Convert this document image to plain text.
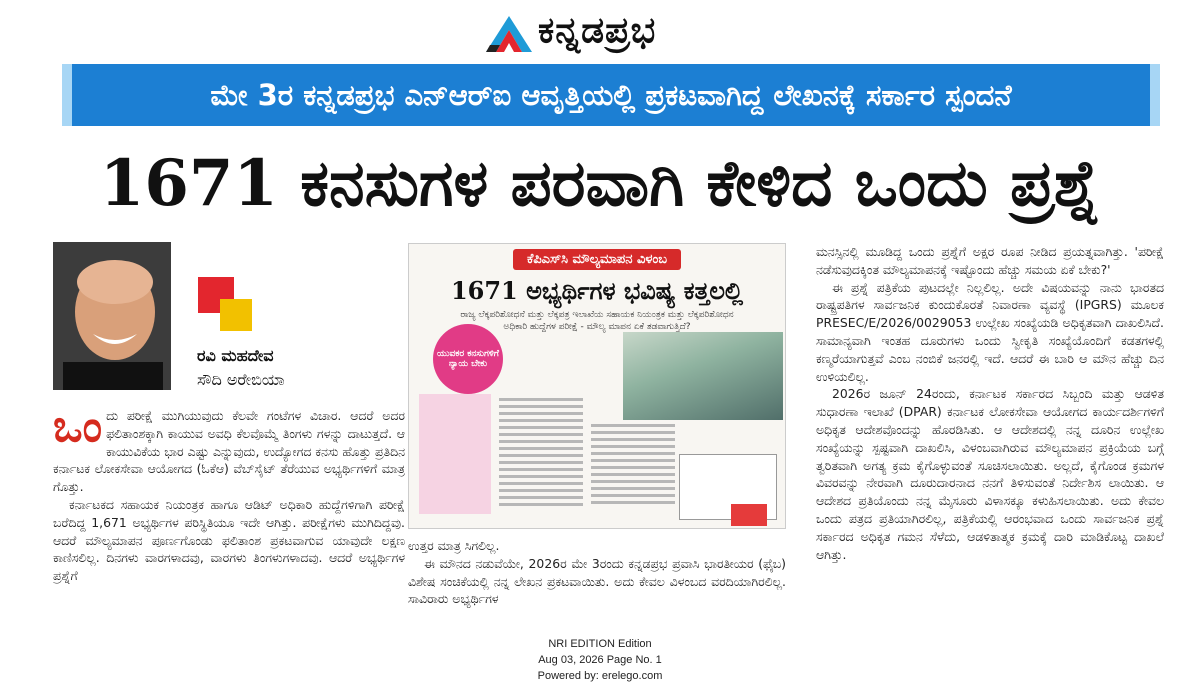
ಕನ್ನಡಪ್ರಭ
ಮೇ 3ರ ಕನ್ನಡಪ್ರಭ ಎನ್‌ಆರ್‌ಐ ಆವೃತ್ತಿಯಲ್ಲಿ ಪ್ರಕಟವಾಗಿದ್ದ ಲೇಖನಕ್ಕೆ ಸರ್ಕಾರ ಸ್ಪಂದನೆ
1671 ಕನಸುಗಳ ಪರವಾಗಿ ಕೇಳಿದ ಒಂದು ಪ್ರಶ್ನೆ
ರವಿ ಮಹದೇವ
ಸೌದಿ ಅರೇಬಿಯಾ
ಒಂ ದು ಪರೀಕ್ಷೆ ಮುಗಿಯುವುದು ಕೆಲವೇ ಗಂಟೆಗಳ ವಿಚಾರ. ಆದರೆ ಅದರ ಫಲಿತಾಂಶಕ್ಕಾಗಿ ಕಾಯುವ ಅವಧಿ ಕೆಲವೊಮ್ಮೆ ತಿಂಗಳು ಗಳನ್ನು ದಾಟುತ್ತದೆ. ಆ ಕಾಯುವಿಕೆಯ ಭಾರ ಎಷ್ಟು ಎನ್ನುವುದು, ಉದ್ಯೋಗದ ಕನಸು ಹೊತ್ತು ಪ್ರತಿದಿನ ಕರ್ನಾಟಕ ಲೋಕಸೇವಾ ಆಯೋಗದ (ಓಕೆಆ) ವೆಬ್‌ಸೈಟ್ ತೆರೆಯುವ ಅಭ್ಯರ್ಥಿಗಳಿಗೆ ಮಾತ್ರ ಗೊತ್ತು.

ಕರ್ನಾಟಕದ ಸಹಾಯಕ ನಿಯಂತ್ರಕ ಹಾಗೂ ಆಡಿಟ್ ಅಧಿಕಾರಿ ಹುದ್ದೆಗಳಿಗಾಗಿ ಪರೀಕ್ಷೆ ಬರೆದಿದ್ದ 1,671 ಅಭ್ಯರ್ಥಿಗಳ ಪರಿಸ್ಥಿತಿಯೂ ಇದೇ ಆಗಿತ್ತು. ಪರೀಕ್ಷೆಗಳು ಮುಗಿದಿದ್ದವು. ಆದರೆ ಮೌಲ್ಯಮಾಪನ ಪೂರ್ಣಗೊಂಡು ಫಲಿತಾಂಶ ಪ್ರಕಟವಾಗುವ ಯಾವುದೇ ಲಕ್ಷಣ ಕಾಣಿಸಲಿಲ್ಲ. ದಿನಗಳು ವಾರಗಳಾದವು, ವಾರಗಳು ತಿಂಗಳುಗಳಾದವು. ಆದರೆ ಅಭ್ಯರ್ಥಿಗಳ ಪ್ರಶ್ನೆಗೆ

ಕೆಪಿಎಸ್‌ಸಿ ಮೌಲ್ಯಮಾಪನ ವಿಳಂಬ
1671 ಅಭ್ಯರ್ಥಿಗಳ ಭವಿಷ್ಯ ಕತ್ತಲಲ್ಲಿ
ರಾಜ್ಯ ಲೆಕ್ಕಪರಿಶೋಧನೆ ಮತ್ತು ಲೆಕ್ಕಪತ್ರ ಇಲಾಖೆಯ ಸಹಾಯಕ ನಿಯಂತ್ರಕ ಮತ್ತು ಲೆಕ್ಕಪರಿಶೋಧನ ಅಧಿಕಾರಿ ಹುದ್ದೆಗಳ ಪರೀಕ್ಷೆ - ಮೌಲ್ಯ ಮಾಪನ ಏಕೆ ತಡವಾಗುತ್ತಿದೆ?
ಯುವಕರ ಕನಸುಗಳಿಗೆ ನ್ಯಾಯ ಬೇಕು

ಉತ್ತರ ಮಾತ್ರ ಸಿಗಲಿಲ್ಲ.

ಈ ಮೌನದ ನಡುವೆಯೇ, 2026ರ ಮೇ 3ರಂದು ಕನ್ನಡಪ್ರಭ ಪ್ರವಾಸಿ ಭಾರತೀಯರ (ಫೈಬ) ವಿಶೇಷ ಸಂಚಿಕೆಯಲ್ಲಿ ನನ್ನ ಲೇಖನ ಪ್ರಕಟವಾಯಿತು. ಅದು ಕೇವಲ ವಿಳಂಬದ ವರದಿಯಾಗಿರಲಿಲ್ಲ. ಸಾವಿರಾರು ಅಭ್ಯರ್ಥಿಗಳ

ಮನಸ್ಸಿನಲ್ಲಿ ಮೂಡಿದ್ದ ಒಂದು ಪ್ರಶ್ನೆಗೆ ಅಕ್ಷರ ರೂಪ ನೀಡಿದ ಪ್ರಯತ್ನವಾಗಿತ್ತು. 'ಪರೀಕ್ಷೆ ನಡೆಸುವುದಕ್ಕಿಂತ ಮೌಲ್ಯಮಾಪನಕ್ಕೆ ಇಷ್ಟೊಂದು ಹೆಚ್ಚು ಸಮಯ ಏಕೆ ಬೇಕು?'

ಈ ಪ್ರಶ್ನೆ ಪತ್ರಿಕೆಯ ಪುಟದಲ್ಲೇ ನಿಲ್ಲಲಿಲ್ಲ. ಅದೇ ವಿಷಯವನ್ನು ನಾನು ಭಾರತದ ರಾಷ್ಟ್ರಪತಿಗಳ ಸಾರ್ವಜನಿಕ ಕುಂದುಕೊರತೆ ನಿವಾರಣಾ ವ್ಯವಸ್ಥೆ (IPGRS) ಮೂಲಕ PRESEC/E/2026/0029053 ಉಲ್ಲೇಖ ಸಂಖ್ಯೆಯಡಿ ಅಧಿಕೃತವಾಗಿ ದಾಖಲಿಸಿದೆ. ಸಾಮಾನ್ಯವಾಗಿ ಇಂತಹ ದೂರುಗಳು ಒಂದು ಸ್ವೀಕೃತಿ ಸಂಖ್ಯೆಯೊಂದಿಗೆ ಕಡತಗಳಲ್ಲಿ ಕಣ್ಮರೆಯಾಗುತ್ತವೆ ಎಂಬ ನಂಬಿಕೆ ಜನರಲ್ಲಿ ಇದೆ. ಆದರೆ ಈ ಬಾರಿ ಆ ಮೌನ ಹೆಚ್ಚು ದಿನ ಉಳಿಯಲಿಲ್ಲ.

2026ರ ಜೂನ್ 24ರಂದು, ಕರ್ನಾಟಕ ಸರ್ಕಾರದ ಸಿಬ್ಬಂದಿ ಮತ್ತು ಆಡಳಿತ ಸುಧಾರಣಾ ಇಲಾಖೆ (DPAR) ಕರ್ನಾಟಕ ಲೋಕಸೇವಾ ಆಯೋಗದ ಕಾರ್ಯದರ್ಶಿಗಳಿಗೆ ಅಧಿಕೃತ ಆದೇಶವೊಂದನ್ನು ಹೊರಡಿಸಿತು. ಆ ಆದೇಶದಲ್ಲಿ ನನ್ನ ದೂರಿನ ಉಲ್ಲೇಖ ಸಂಖ್ಯೆಯನ್ನು ಸ್ಪಷ್ಟವಾಗಿ ದಾಖಲಿಸಿ, ವಿಳಂಬವಾಗಿರುವ ಮೌಲ್ಯಮಾಪನ ಪ್ರಕ್ರಿಯೆಯ ಬಗ್ಗೆ ತ್ವರಿತವಾಗಿ ಅಗತ್ಯ ಕ್ರಮ ಕೈಗೊಳ್ಳುವಂತೆ ಸೂಚಿಸಲಾಯಿತು. ಅಲ್ಲದೆ, ಕೈಗೊಂಡ ಕ್ರಮಗಳ ವಿವರವನ್ನು ನೇರವಾಗಿ ದೂರುದಾರನಾದ ನನಗೆ ತಿಳಿಸುವಂತೆ ನಿರ್ದೇಶಿಸ ಲಾಯಿತು. ಆ ಆದೇಶದ ಪ್ರತಿಯೊಂದು ನನ್ನ ಮೈಸೂರು ವಿಳಾಸಕ್ಕೂ ಕಳುಹಿಸಲಾಯಿತು. ಅದು ಕೇವಲ ಒಂದು ಪತ್ರದ ಪ್ರತಿಯಾಗಿರಲಿಲ್ಲ, ಪತ್ರಿಕೆಯಲ್ಲಿ ಆರಂಭವಾದ ಒಂದು ಸಾರ್ವಜನಿಕ ಪ್ರಶ್ನೆ ಸರ್ಕಾರದ ಅಧಿಕೃತ ಗಮನ ಸೆಳೆದು, ಆಡಳಿತಾತ್ಮಕ ಕ್ರಮಕ್ಕೆ ದಾರಿ ಮಾಡಿಕೊಟ್ಟ ದಾಖಲೆ ಆಗಿತ್ತು.

NRI EDITION Edition
Aug 03, 2026 Page No. 1
Powered by: erelego.com
